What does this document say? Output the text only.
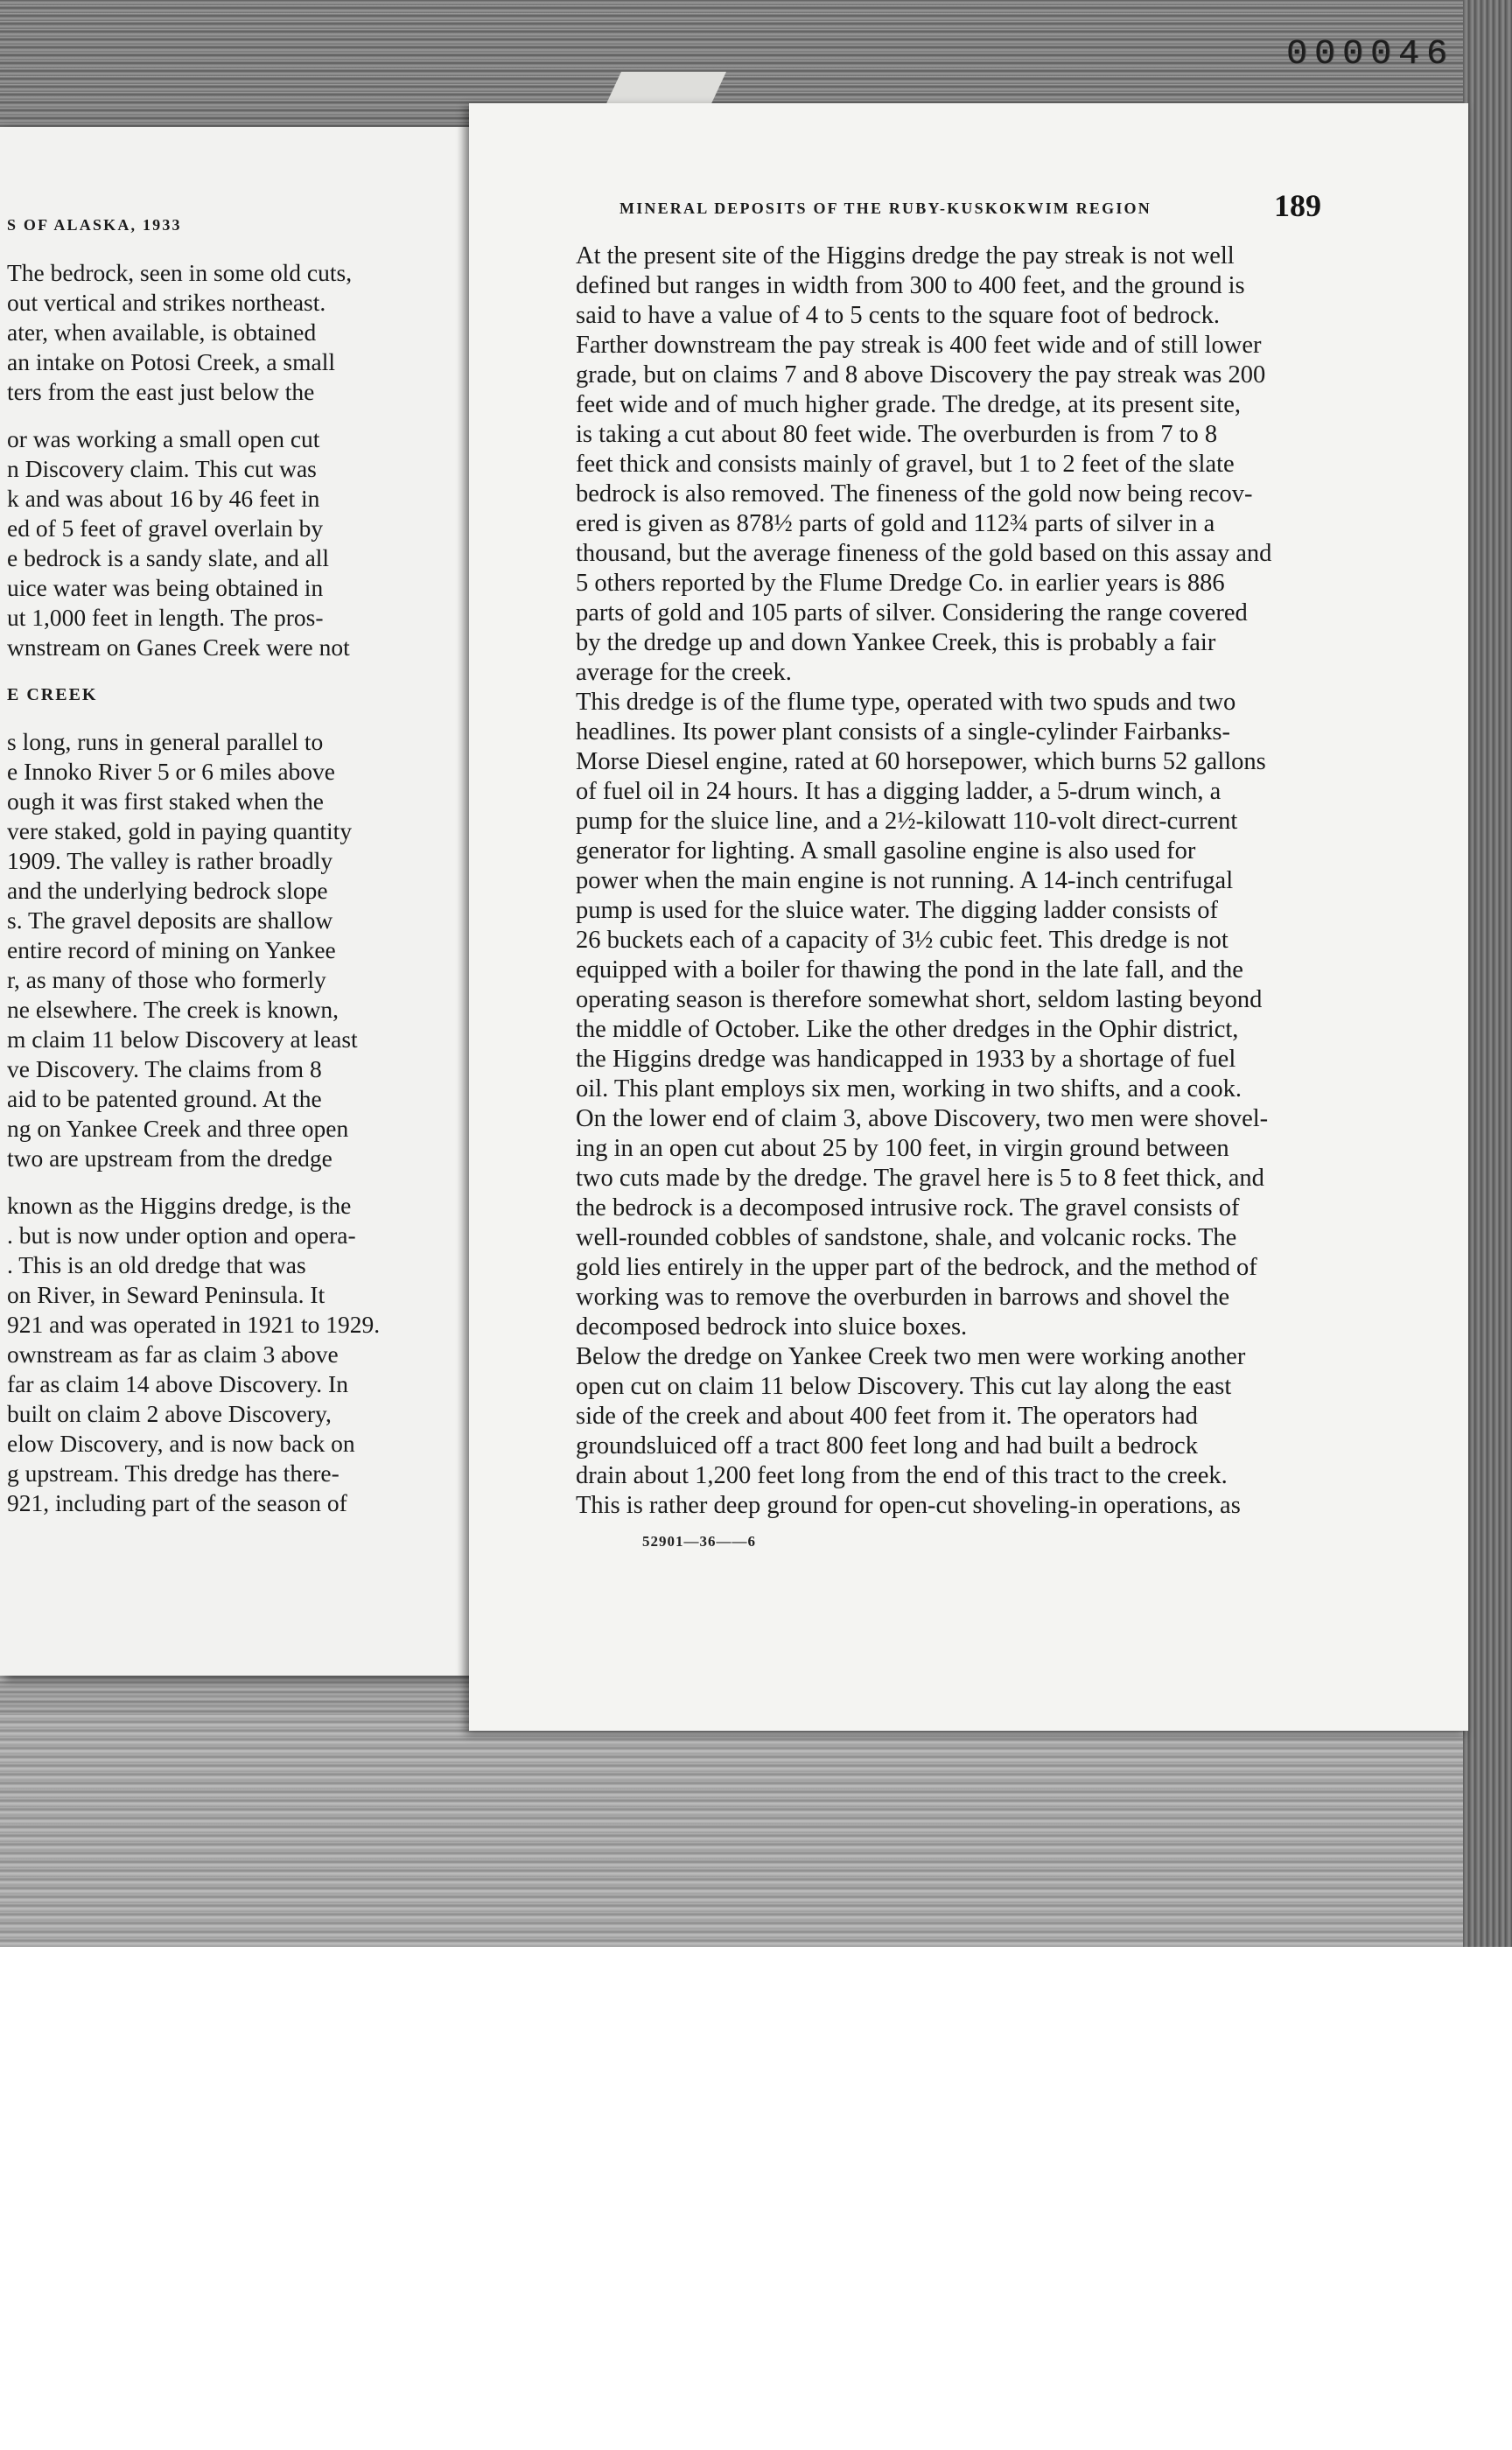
000046

S OF ALASKA, 1933

The bedrock, seen in some old cuts,
out vertical and strikes northeast.
ater, when available, is obtained
an intake on Potosi Creek, a small
ters from the east just below the
or was working a small open cut
n Discovery claim. This cut was
k and was about 16 by 46 feet in
ed of 5 feet of gravel overlain by
e bedrock is a sandy slate, and all
uice water was being obtained in
ut 1,000 feet in length. The pros-
wnstream on Ganes Creek were not
E CREEK
s long, runs in general parallel to
e Innoko River 5 or 6 miles above
ough it was first staked when the
vere staked, gold in paying quantity
1909. The valley is rather broadly
and the underlying bedrock slope
s. The gravel deposits are shallow
entire record of mining on Yankee
r, as many of those who formerly
ne elsewhere. The creek is known,
m claim 11 below Discovery at least
ve Discovery. The claims from 8
aid to be patented ground. At the
ng on Yankee Creek and three open
two are upstream from the dredge
known as the Higgins dredge, is the
. but is now under option and opera-
. This is an old dredge that was
on River, in Seward Peninsula. It
921 and was operated in 1921 to 1929.
ownstream as far as claim 3 above
far as claim 14 above Discovery. In
built on claim 2 above Discovery,
elow Discovery, and is now back on
g upstream. This dredge has there-
921, including part of the season of

MINERAL DEPOSITS OF THE RUBY-KUSKOKWIM REGION	189

At the present site of the Higgins dredge the pay streak is not well
defined but ranges in width from 300 to 400 feet, and the ground is
said to have a value of 4 to 5 cents to the square foot of bedrock.
Farther downstream the pay streak is 400 feet wide and of still lower
grade, but on claims 7 and 8 above Discovery the pay streak was 200
feet wide and of much higher grade. The dredge, at its present site,
is taking a cut about 80 feet wide. The overburden is from 7 to 8
feet thick and consists mainly of gravel, but 1 to 2 feet of the slate
bedrock is also removed. The fineness of the gold now being recov-
ered is given as 878½ parts of gold and 112¾ parts of silver in a
thousand, but the average fineness of the gold based on this assay and
5 others reported by the Flume Dredge Co. in earlier years is 886
parts of gold and 105 parts of silver. Considering the range covered
by the dredge up and down Yankee Creek, this is probably a fair
average for the creek.
This dredge is of the flume type, operated with two spuds and two
headlines. Its power plant consists of a single-cylinder Fairbanks-
Morse Diesel engine, rated at 60 horsepower, which burns 52 gallons
of fuel oil in 24 hours. It has a digging ladder, a 5-drum winch, a
pump for the sluice line, and a 2½-kilowatt 110-volt direct-current
generator for lighting. A small gasoline engine is also used for
power when the main engine is not running. A 14-inch centrifugal
pump is used for the sluice water. The digging ladder consists of
26 buckets each of a capacity of 3½ cubic feet. This dredge is not
equipped with a boiler for thawing the pond in the late fall, and the
operating season is therefore somewhat short, seldom lasting beyond
the middle of October. Like the other dredges in the Ophir district,
the Higgins dredge was handicapped in 1933 by a shortage of fuel
oil. This plant employs six men, working in two shifts, and a cook.
On the lower end of claim 3, above Discovery, two men were shovel-
ing in an open cut about 25 by 100 feet, in virgin ground between
two cuts made by the dredge. The gravel here is 5 to 8 feet thick, and
the bedrock is a decomposed intrusive rock. The gravel consists of
well-rounded cobbles of sandstone, shale, and volcanic rocks. The
gold lies entirely in the upper part of the bedrock, and the method of
working was to remove the overburden in barrows and shovel the
decomposed bedrock into sluice boxes.
Below the dredge on Yankee Creek two men were working another
open cut on claim 11 below Discovery. This cut lay along the east
side of the creek and about 400 feet from it. The operators had
groundsluiced off a tract 800 feet long and had built a bedrock
drain about 1,200 feet long from the end of this tract to the creek.
This is rather deep ground for open-cut shoveling-in operations, as

52901—36——6
